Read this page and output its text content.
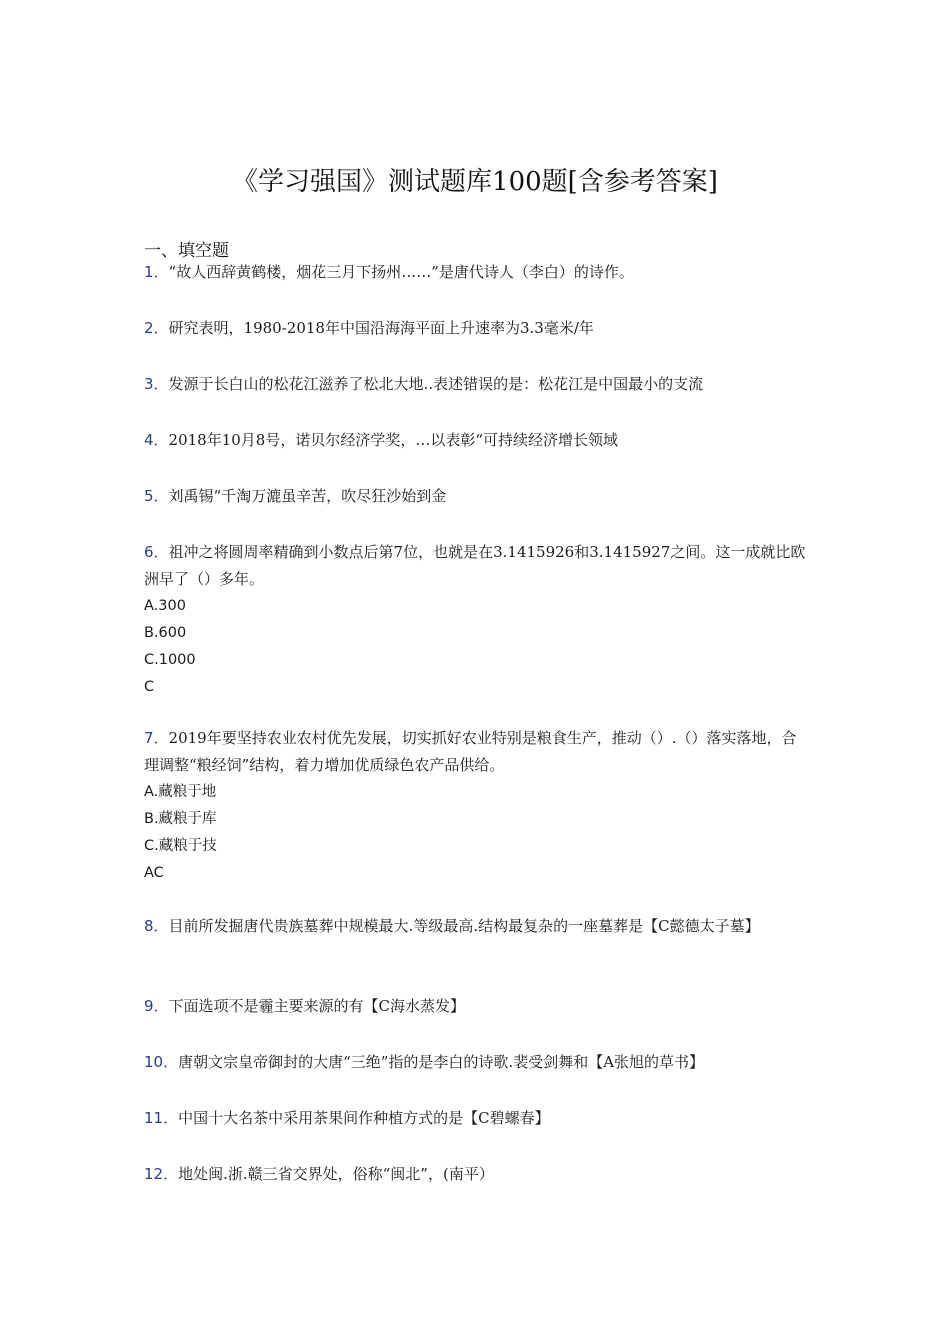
《学习强国》测试题库100题[含参考答案]
一、填空题
1．“故人西辞黄鹤楼，烟花三月下扬州……”是唐代诗人（李白）的诗作。
2．研究表明，1980-2018年中国沿海海平面上升速率为3.3毫米/年
3．发源于长白山的松花江滋养了松北大地..表述错误的是：松花江是中国最小的支流
4．2018年10月8号，诺贝尔经济学奖，…以表彰“可持续经济增长领域
5．刘禹锡“千淘万漉虽辛苦，吹尽狂沙始到金
6．祖冲之将圆周率精确到小数点后第7位，也就是在3.1415926和3.1415927之间。这一成就比欧洲早了（）多年。
A.300
B.600
C.1000
C
7．2019年要坚持农业农村优先发展，切实抓好农业特别是粮食生产，推动（）.（）落实落地，合理调整“粮经饲”结构，着力增加优质绿色农产品供给。
A.藏粮于地
B.藏粮于库
C.藏粮于技
AC
8．目前所发掘唐代贵族墓葬中规模最大.等级最高.结构最复杂的一座墓葬是【C懿德太子墓】
9．下面选项不是霾主要来源的有【C海水蒸发】
10．唐朝文宗皇帝御封的大唐“三绝”指的是李白的诗歌.裴受剑舞和【A张旭的草书】
11．中国十大名茶中采用茶果间作种植方式的是【C碧螺春】
12．地处闽.浙.赣三省交界处，俗称“闽北”，(南平）
